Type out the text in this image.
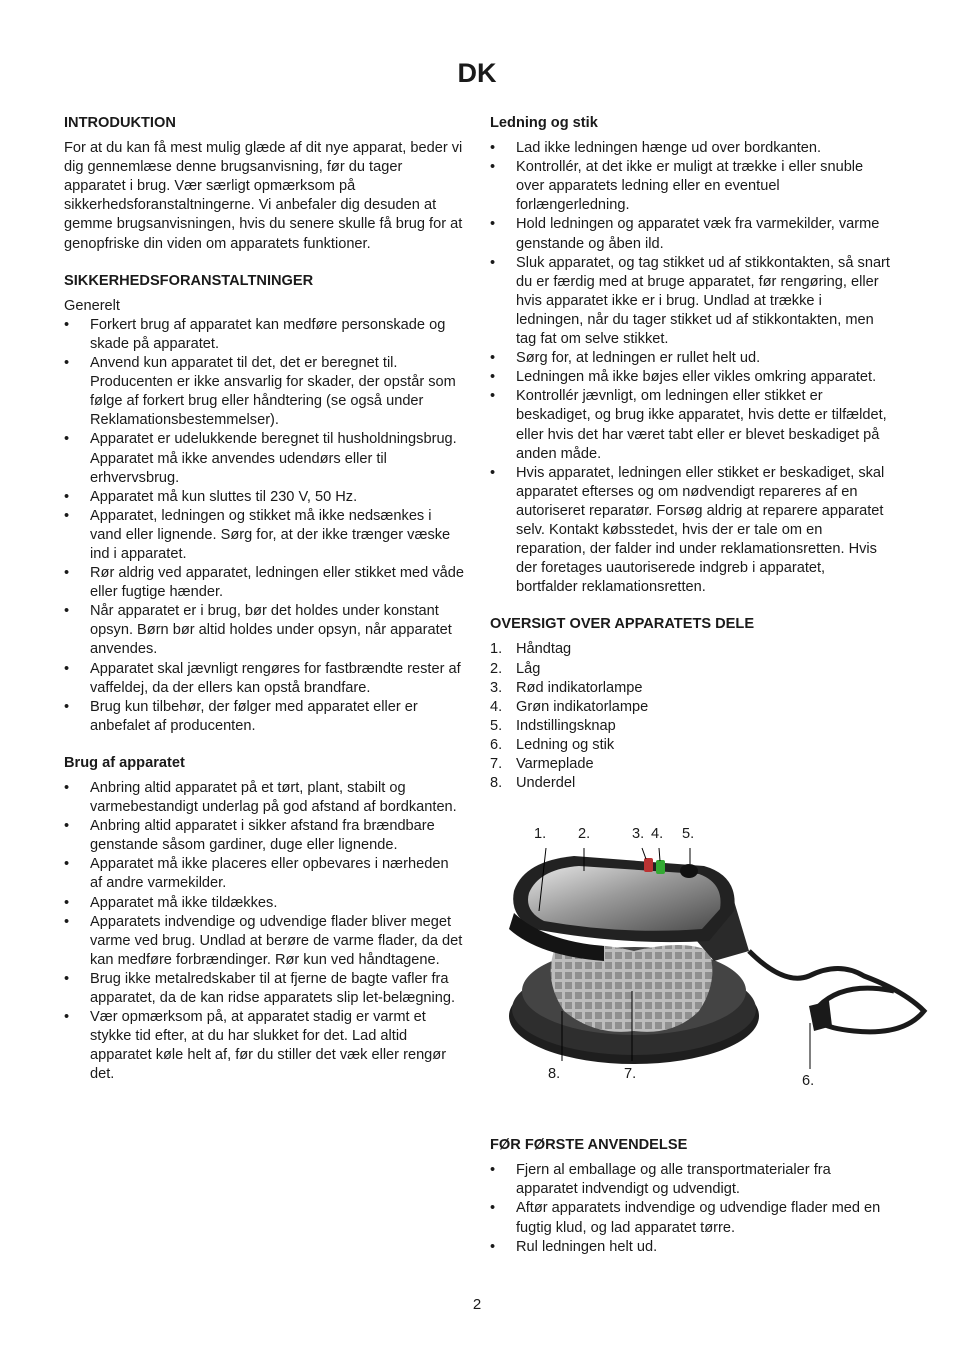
DK
INTRODUKTION

For at du kan få mest mulig glæde af dit nye apparat, beder vi dig gennemlæse denne brugsanvisning, før du tager apparatet i brug. Vær særligt opmærksom på sikkerhedsforanstaltningerne. Vi anbefaler dig desuden at gemme brugsanvisningen, hvis du senere skulle få brug for at genopfriske din viden om apparatets funktioner.

SIKKERHEDSFORANSTALTNINGER

Generelt

• Forkert brug af apparatet kan medføre personskade og skade på apparatet.
• Anvend kun apparatet til det, det er beregnet til. Producenten er ikke ansvarlig for skader, der opstår som følge af forkert brug eller håndtering (se også under Reklamationsbestemmelser).
• Apparatet er udelukkende beregnet til husholdningsbrug. Apparatet må ikke anvendes udendørs eller til erhvervsbrug.
• Apparatet må kun sluttes til 230 V, 50 Hz.
• Apparatet, ledningen og stikket må ikke nedsænkes i vand eller lignende. Sørg for, at der ikke trænger væske ind i apparatet.
• Rør aldrig ved apparatet, ledningen eller stikket med våde eller fugtige hænder.
• Når apparatet er i brug, bør det holdes under konstant opsyn. Børn bør altid holdes under opsyn, når apparatet anvendes.
• Apparatet skal jævnligt rengøres for fastbrændte rester af vaffeldej, da der ellers kan opstå brandfare.
• Brug kun tilbehør, der følger med apparatet eller er anbefalet af producenten.
Brug af apparatet
• Anbring altid apparatet på et tørt, plant, stabilt og varmebestandigt underlag på god afstand af bordkanten.
• Anbring altid apparatet i sikker afstand fra brændbare genstande såsom gardiner, duge eller lignende.
• Apparatet må ikke placeres eller opbevares i nærheden af andre varmekilder.
• Apparatet må ikke tildækkes.
• Apparatets indvendige og udvendige flader bliver meget varme ved brug. Undlad at berøre de varme flader, da det kan medføre forbrændinger. Rør kun ved håndtagene.
• Brug ikke metalredskaber til at fjerne de bagte vafler fra apparatet, da de kan ridse apparatets slip let-belægning.
• Vær opmærksom på, at apparatet stadig er varmt et stykke tid efter, at du har slukket for det. Lad altid apparatet køle helt af, før du stiller det væk eller rengør det.
Ledning og stik
• Lad ikke ledningen hænge ud over bordkanten.
• Kontrollér, at det ikke er muligt at trække i eller snuble over apparatets ledning eller en eventuel forlængerledning.
• Hold ledningen og apparatet væk fra varmekilder, varme genstande og åben ild.
• Sluk apparatet, og tag stikket ud af stikkontakten, så snart du er færdig med at bruge apparatet, før rengøring, eller hvis apparatet ikke er i brug. Undlad at trække i ledningen, når du tager stikket ud af stikkontakten, men tag fat om selve stikket.
• Sørg for, at ledningen er rullet helt ud.
• Ledningen må ikke bøjes eller vikles omkring apparatet.
• Kontrollér jævnligt, om ledningen eller stikket er beskadiget, og brug ikke apparatet, hvis dette er tilfældet, eller hvis det har været tabt eller er blevet beskadiget på anden måde.
• Hvis apparatet, ledningen eller stikket er beskadiget, skal apparatet efterses og om nødvendigt repareres af en autoriseret reparatør. Forsøg aldrig at reparere apparatet selv. Kontakt købsstedet, hvis der er tale om en reparation, der falder ind under reklamationsretten. Hvis der foretages uautoriserede indgreb i apparatet, bortfalder reklamationsretten.
OVERSIGT OVER APPARATETS DELE
1. Håndtag
2. Låg
3. Rød indikatorlampe
4. Grøn indikatorlampe
5. Indstillingsknap
6. Ledning og stik
7. Varmeplade
8. Underdel
1. 2.	3. 4. 5.
8.	7.	6.
FØR FØRSTE ANVENDELSE
• Fjern al emballage og alle transportmaterialer fra apparatet indvendigt og udvendigt.
• Aftør apparatets indvendige og udvendige flader med en fugtig klud, og lad apparatet tørre.
• Rul ledningen helt ud.
2
